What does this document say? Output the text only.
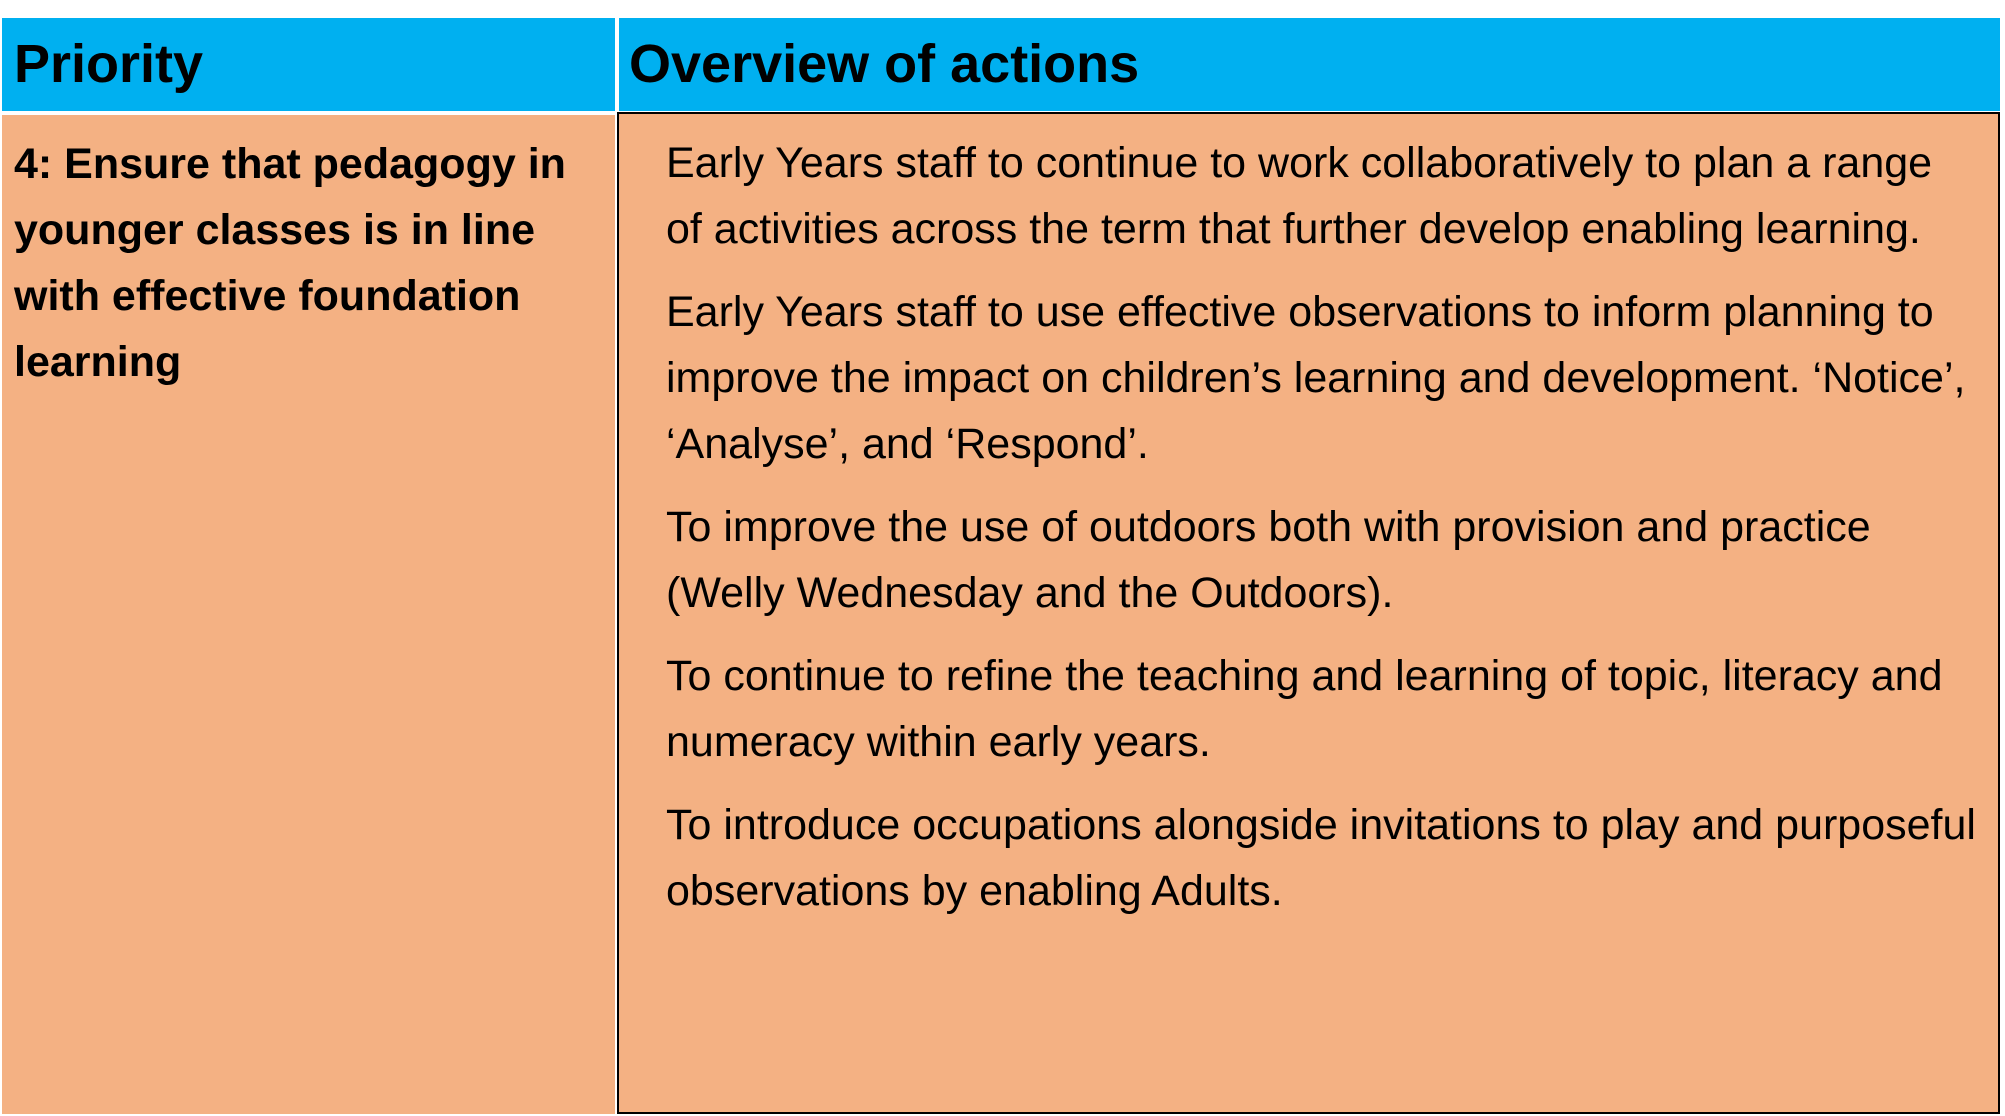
Priority	Overview of actions
4: Ensure that pedagogy in younger classes is in line with effective foundation learning

Early Years staff to continue to work collaboratively to plan a range of activities across the term that further develop enabling learning.

Early Years staff to use effective observations to inform planning to improve the impact on children’s learning and development. ‘Notice’, ‘Analyse’, and ‘Respond’.

To improve the use of outdoors both with provision and practice (Welly Wednesday and the Outdoors).

To continue to refine the teaching and learning of topic, literacy and numeracy within early years.

To introduce occupations alongside invitations to play and purposeful observations by enabling Adults.
